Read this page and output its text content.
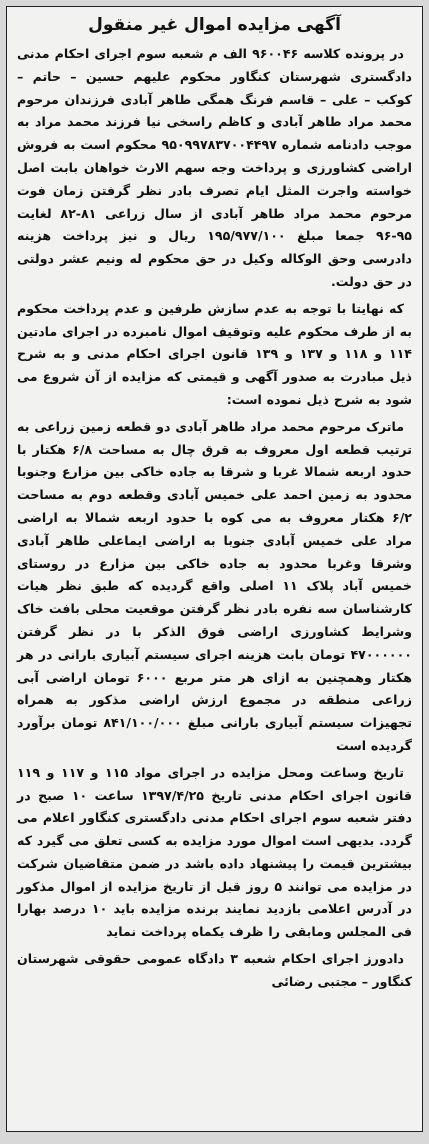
آگهی مزایده اموال غیر منقول

در پرونده کلاسه ۹۶۰۰۴۶ الف م شعبه سوم اجرای احکام مدنی دادگستری شهرستان کنگاور محکوم علیهم حسین – حاتم – کوکب – علی – قاسم فرنگ همگی طاهر آبادی فرزندان مرحوم محمد مراد طاهر آبادی و کاظم راسخی نیا فرزند محمد مراد به موجب دادنامه شماره ۹۵۰۹۹۷۸۳۷۰۰۴۴۹۷ محکوم است به فروش اراضی کشاورزی و پرداخت وجه سهم الارث خواهان بابت اصل خواسته واجرت المثل ایام تصرف بادر نظر گرفتن زمان فوت مرحوم محمد مراد طاهر آبادی از سال زراعی ۸۱-۸۲ لغایت ۹۵-۹۶ جمعا مبلغ ۱۹۵/۹۷۷/۱۰۰ ریال و نیز پرداخت هزینه دادرسی وحق الوکاله وکیل در حق محکوم له ونیم عشر دولتی در حق دولت.

که نهایتا با توجه به عدم سازش طرفین و عدم پرداخت محکوم به از طرف محکوم علیه وتوقیف اموال نامبرده در اجرای مادتین ۱۱۴ و ۱۱۸ و ۱۳۷ و ۱۳۹ قانون اجرای احکام مدنی و به شرح ذیل مبادرت به صدور آگهی و قیمتی که مزایده از آن شروع می شود به شرح ذیل نموده است:

ماترک مرحوم محمد مراد طاهر آبادی دو قطعه زمین زراعی به ترتیب قطعه اول معروف به قرق چال به مساحت ۶/۸ هکتار با حدود اربعه شمالا غربا و شرقا به جاده خاکی بین مزارع وجنوبا محدود به زمین احمد علی خمیس آبادی وقطعه دوم به مساحت ۶/۲ هکتار معروف به می کوه با حدود اربعه شمالا به اراضی مراد علی خمیس آبادی جنوبا به اراضی ایماعلی طاهر آبادی وشرقا وغربا محدود به جاده خاکی بین مزارع در روستای خمیس آباد پلاک ۱۱ اصلی واقع گردیده که طبق نظر هیات کارشناسان سه نفره بادر نظر گرفتن موقعیت محلی بافت خاک وشرایط کشاورزی اراضی فوق الذکر با در نظر گرفتن ۴۷۰۰۰۰۰۰ تومان بابت هزینه اجرای سیستم آبیاری بارانی در هر هکتار وهمچنین به ازای هر متر مربع ۶۰۰۰ تومان اراضی آبی زراعی منطقه در مجموع ارزش اراضی مذکور به همراه تجهیزات سیستم آبیاری بارانی مبلغ ۸۴۱/۱۰۰/۰۰۰ تومان برآورد گردیده است

تاریخ وساعت ومحل مزایده در اجرای مواد ۱۱۵ و ۱۱۷ و ۱۱۹ قانون اجرای احکام مدنی تاریخ ۱۳۹۷/۴/۲۵ ساعت ۱۰ صبح در دفتر شعبه سوم اجرای احکام مدنی دادگستری کنگاور اعلام می گردد. بدیهی است اموال مورد مزایده به کسی تعلق می گیرد که بیشترین قیمت را پیشنهاد داده باشد در ضمن متقاضیان شرکت در مزایده می توانند ۵ روز قبل از تاریخ مزایده از اموال مذکور در آدرس اعلامی بازدید نمایند برنده مزایده باید ۱۰ درصد بهارا فی المجلس ومابقی را ظرف یکماه پرداخت نماید

دادورز اجرای احکام شعبه ۳ دادگاه عمومی حقوقی شهرستان کنگاور – مجتبی رضائی
